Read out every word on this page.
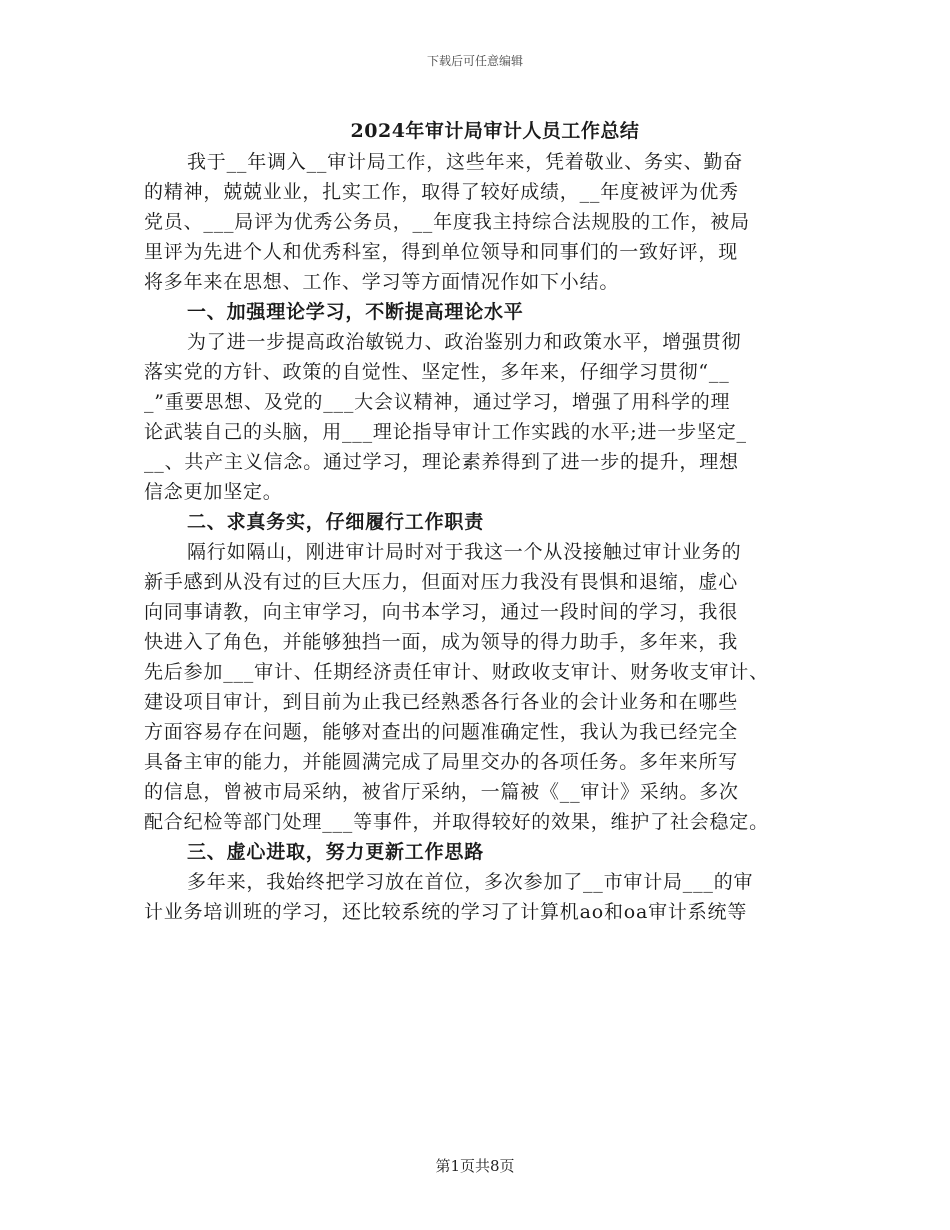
下载后可任意编辑
2024年审计局审计人员工作总结
我于__年调入__审计局工作，这些年来，凭着敬业、务实、勤奋
的精神，兢兢业业，扎实工作，取得了较好成绩，__年度被评为优秀
党员、___局评为优秀公务员，__年度我主持综合法规股的工作，被局
里评为先进个人和优秀科室，得到单位领导和同事们的一致好评，现
将多年来在思想、工作、学习等方面情况作如下小结。
一、加强理论学习，不断提高理论水平
为了进一步提高政治敏锐力、政治鉴别力和政策水平，增强贯彻
落实党的方针、政策的自觉性、坚定性，多年来，仔细学习贯彻“__
_”重要思想、及党的___大会议精神，通过学习，增强了用科学的理
论武装自己的头脑，用___理论指导审计工作实践的水平;进一步坚定_
__、共产主义信念。通过学习，理论素养得到了进一步的提升，理想
信念更加坚定。
二、求真务实，仔细履行工作职责
隔行如隔山，刚进审计局时对于我这一个从没接触过审计业务的
新手感到从没有过的巨大压力，但面对压力我没有畏惧和退缩，虚心
向同事请教，向主审学习，向书本学习，通过一段时间的学习，我很
快进入了角色，并能够独挡一面，成为领导的得力助手，多年来，我
先后参加___审计、任期经济责任审计、财政收支审计、财务收支审计、
建设项目审计，到目前为止我已经熟悉各行各业的会计业务和在哪些
方面容易存在问题，能够对查出的问题准确定性，我认为我已经完全
具备主审的能力，并能圆满完成了局里交办的各项任务。多年来所写
的信息，曾被市局采纳，被省厅采纳，一篇被《__审计》采纳。多次
配合纪检等部门处理___等事件，并取得较好的效果，维护了社会稳定。
三、虚心进取，努力更新工作思路
多年来，我始终把学习放在首位，多次参加了__市审计局___的审
计业务培训班的学习，还比较系统的学习了计算机ao和oa审计系统等
第1页共8页
